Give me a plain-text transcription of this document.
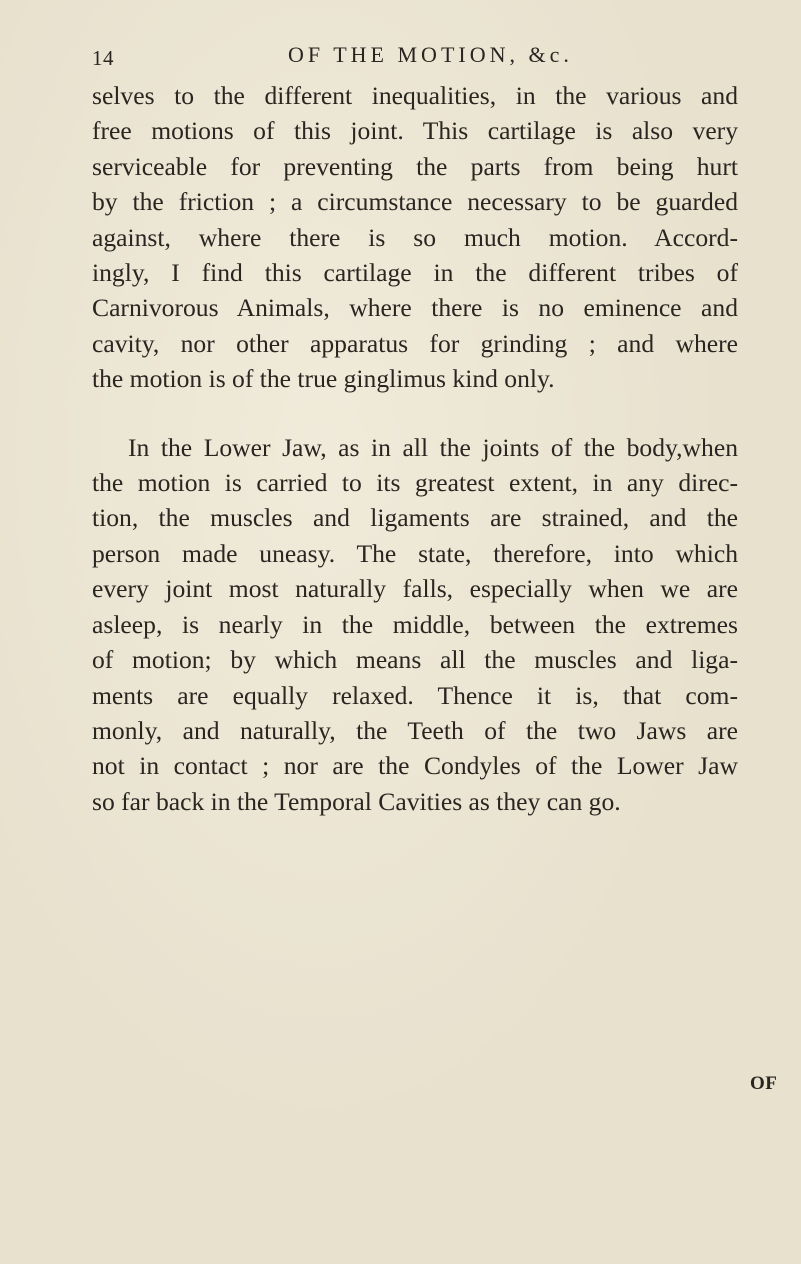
14	OF THE MOTION, &c.

selves to the different inequalities, in the various and
free motions of this joint. This cartilage is also very
serviceable for preventing the parts from being hurt
by the friction ; a circumstance necessary to be guarded
against, where there is so much motion. Accord-
ingly, I find this cartilage in the different tribes of
Carnivorous Animals, where there is no eminence and
cavity, nor other apparatus for grinding ; and where
the motion is of the true ginglimus kind only.

In the Lower Jaw, as in all the joints of the body,when
the motion is carried to its greatest extent, in any direc-
tion, the muscles and ligaments are strained, and the
person made uneasy. The state, therefore, into which
every joint most naturally falls, especially when we are
asleep, is nearly in the middle, between the extremes
of motion; by which means all the muscles and liga-
ments are equally relaxed. Thence it is, that com-
monly, and naturally, the Teeth of the two Jaws are
not in contact ; nor are the Condyles of the Lower Jaw
so far back in the Temporal Cavities as they can go.

OF
